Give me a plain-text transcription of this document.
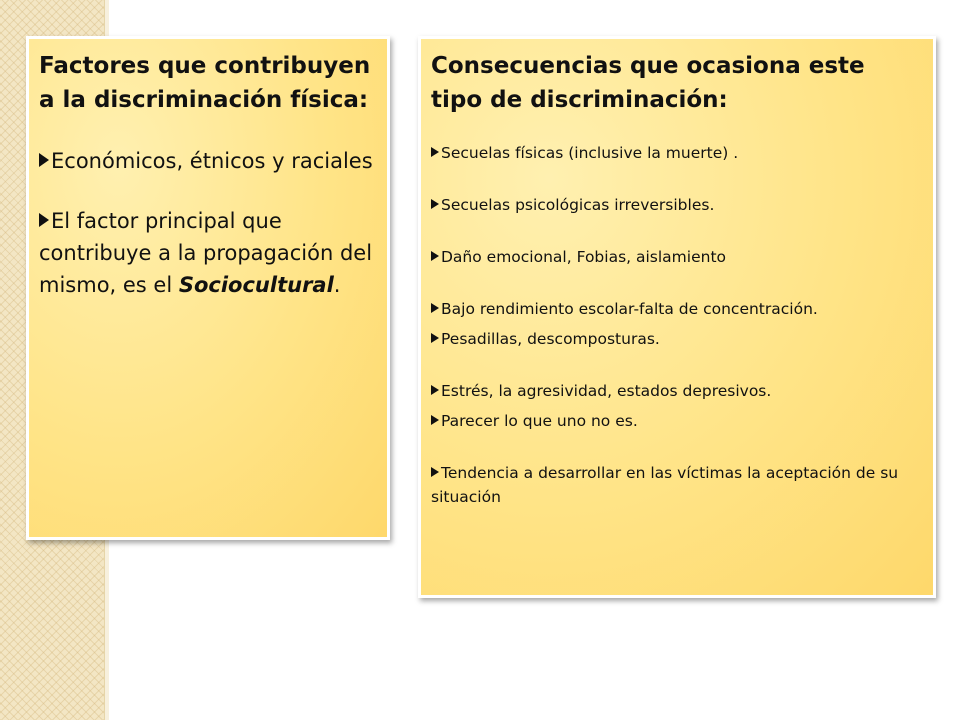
Factores que contribuyen a la discriminación física:

Económicos, étnicos y raciales
El factor principal que contribuye a la propagación del mismo, es el Sociocultural.

Consecuencias que ocasiona este tipo de discriminación:

Secuelas físicas (inclusive la muerte) .
Secuelas psicológicas irreversibles.
Daño emocional, Fobias, aislamiento
Bajo rendimiento escolar-falta de concentración.
Pesadillas, descomposturas.
Estrés, la agresividad, estados depresivos.
Parecer lo que uno no es.
Tendencia a desarrollar en las víctimas la aceptación de su situación
